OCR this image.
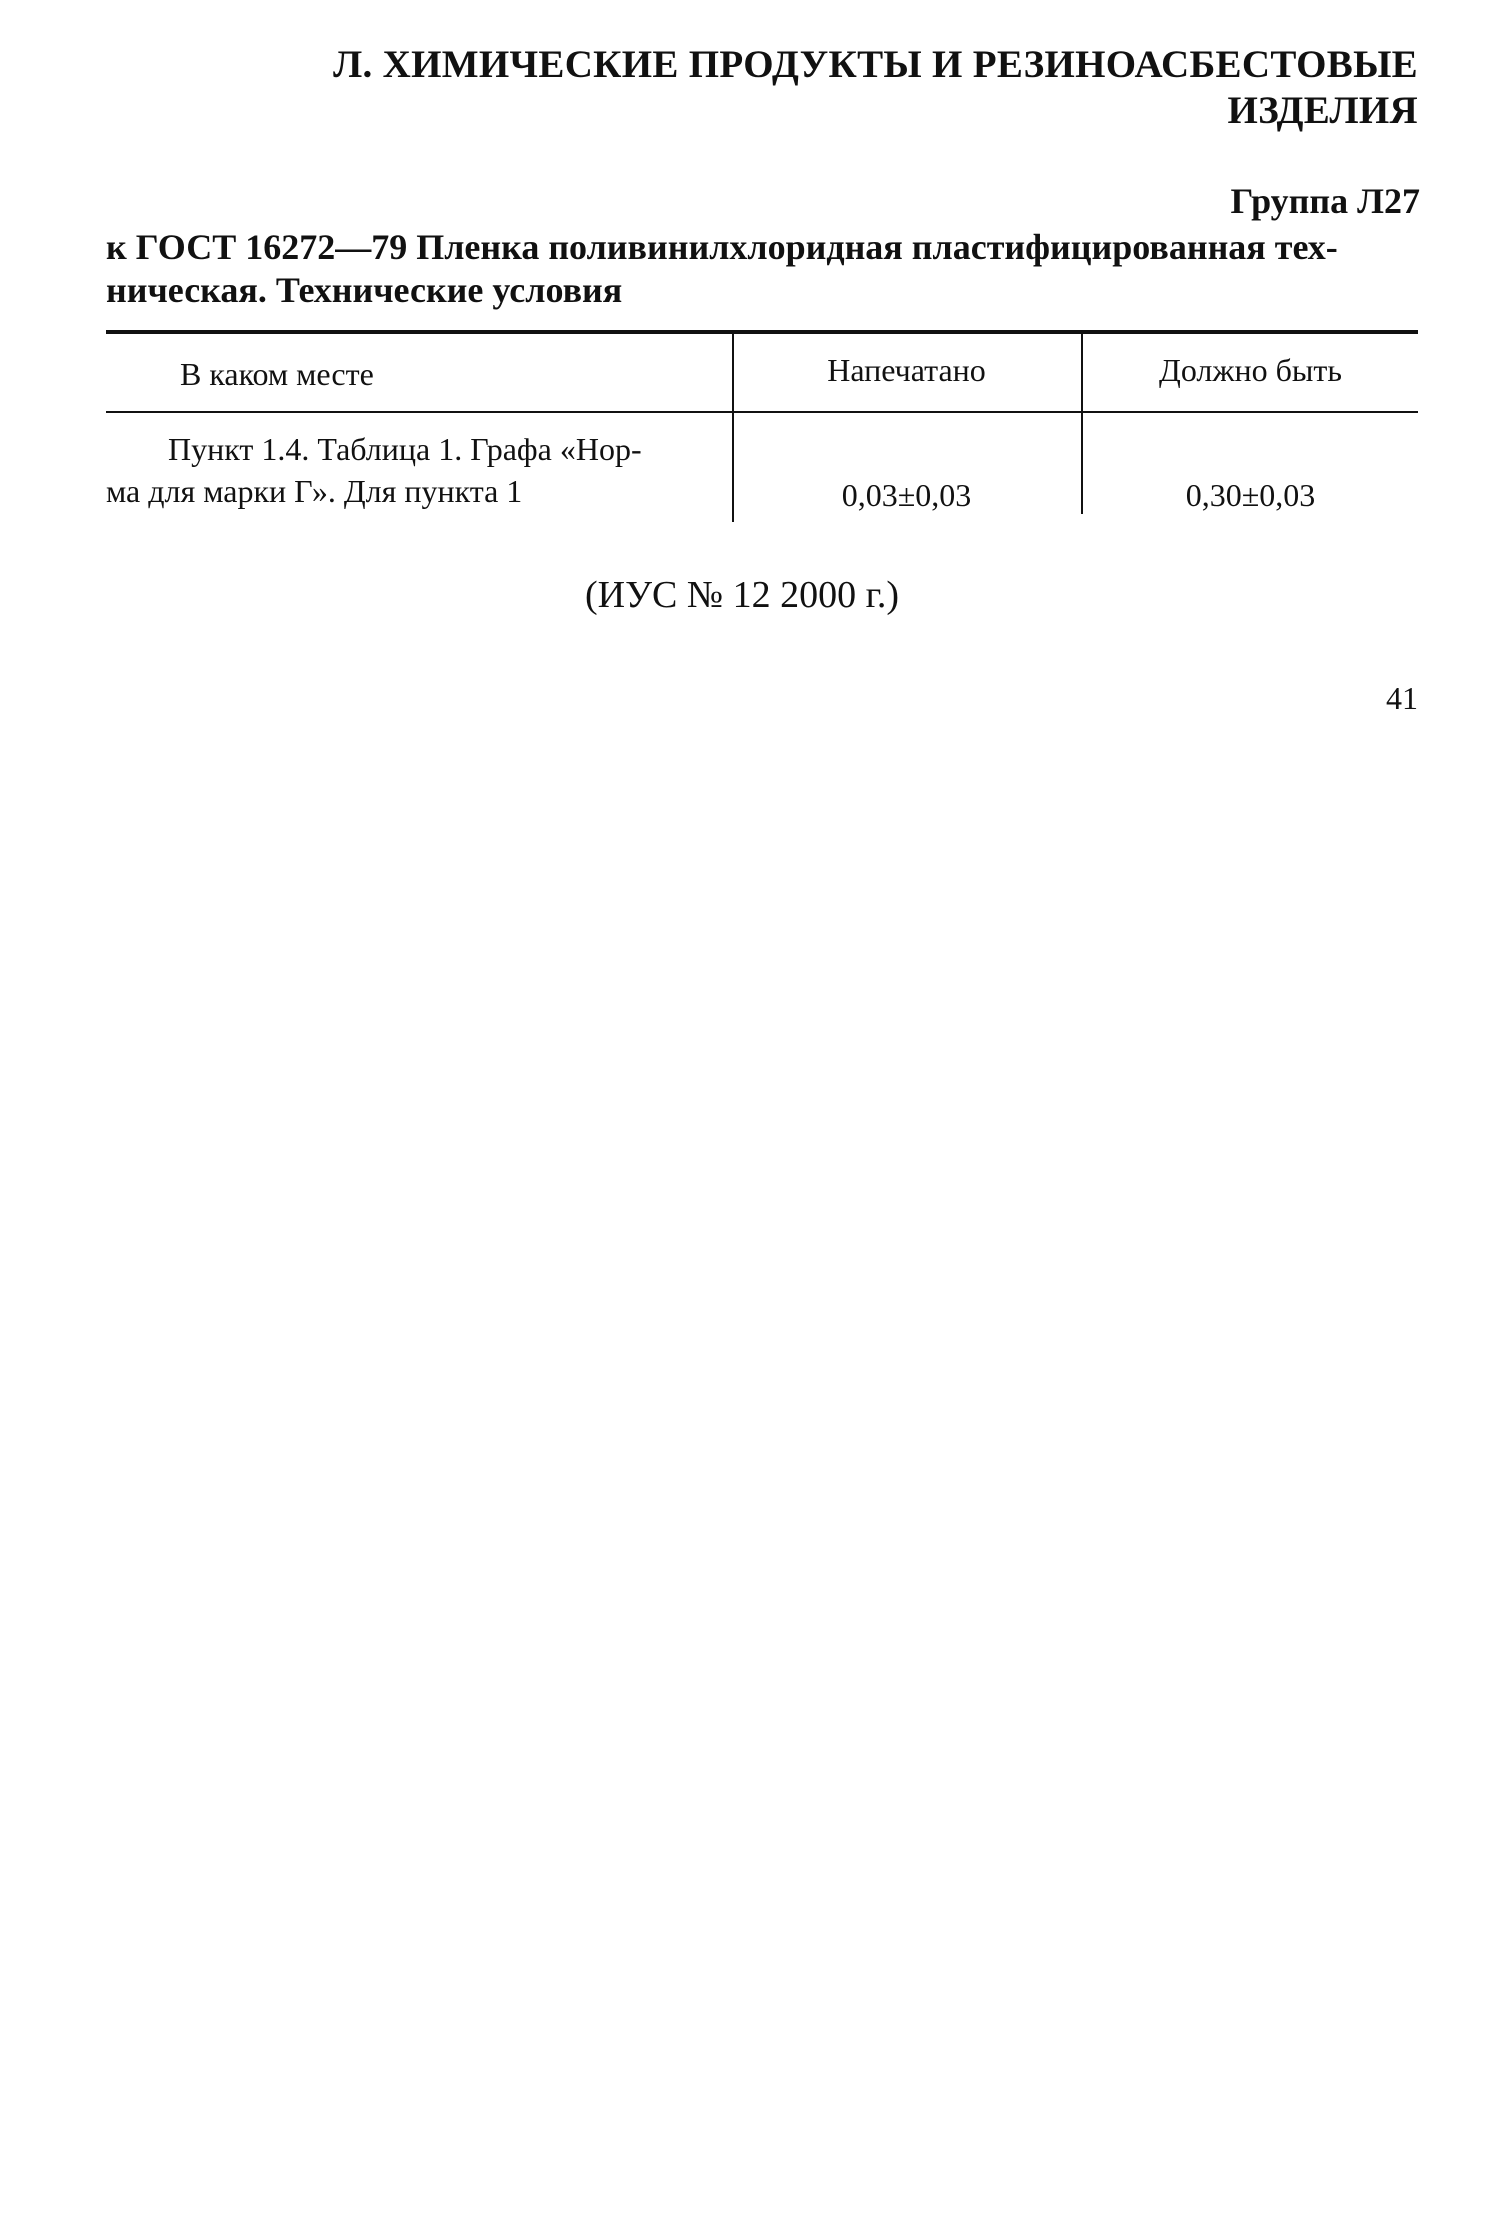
Л. ХИМИЧЕСКИЕ ПРОДУКТЫ И РЕЗИНОАСБЕСТОВЫЕ
ИЗДЕЛИЯ
Группа Л27
к ГОСТ 16272—79 Пленка поливинилхлоридная пластифицированная тех-
ническая. Технические условия
В каком месте	Напечатано	Должно быть
Пункт 1.4. Таблица 1. Графа «Нор-
ма для марки Г». Для пункта 1	0,03±0,03	0,30±0,03
(ИУС № 12 2000 г.)
41
